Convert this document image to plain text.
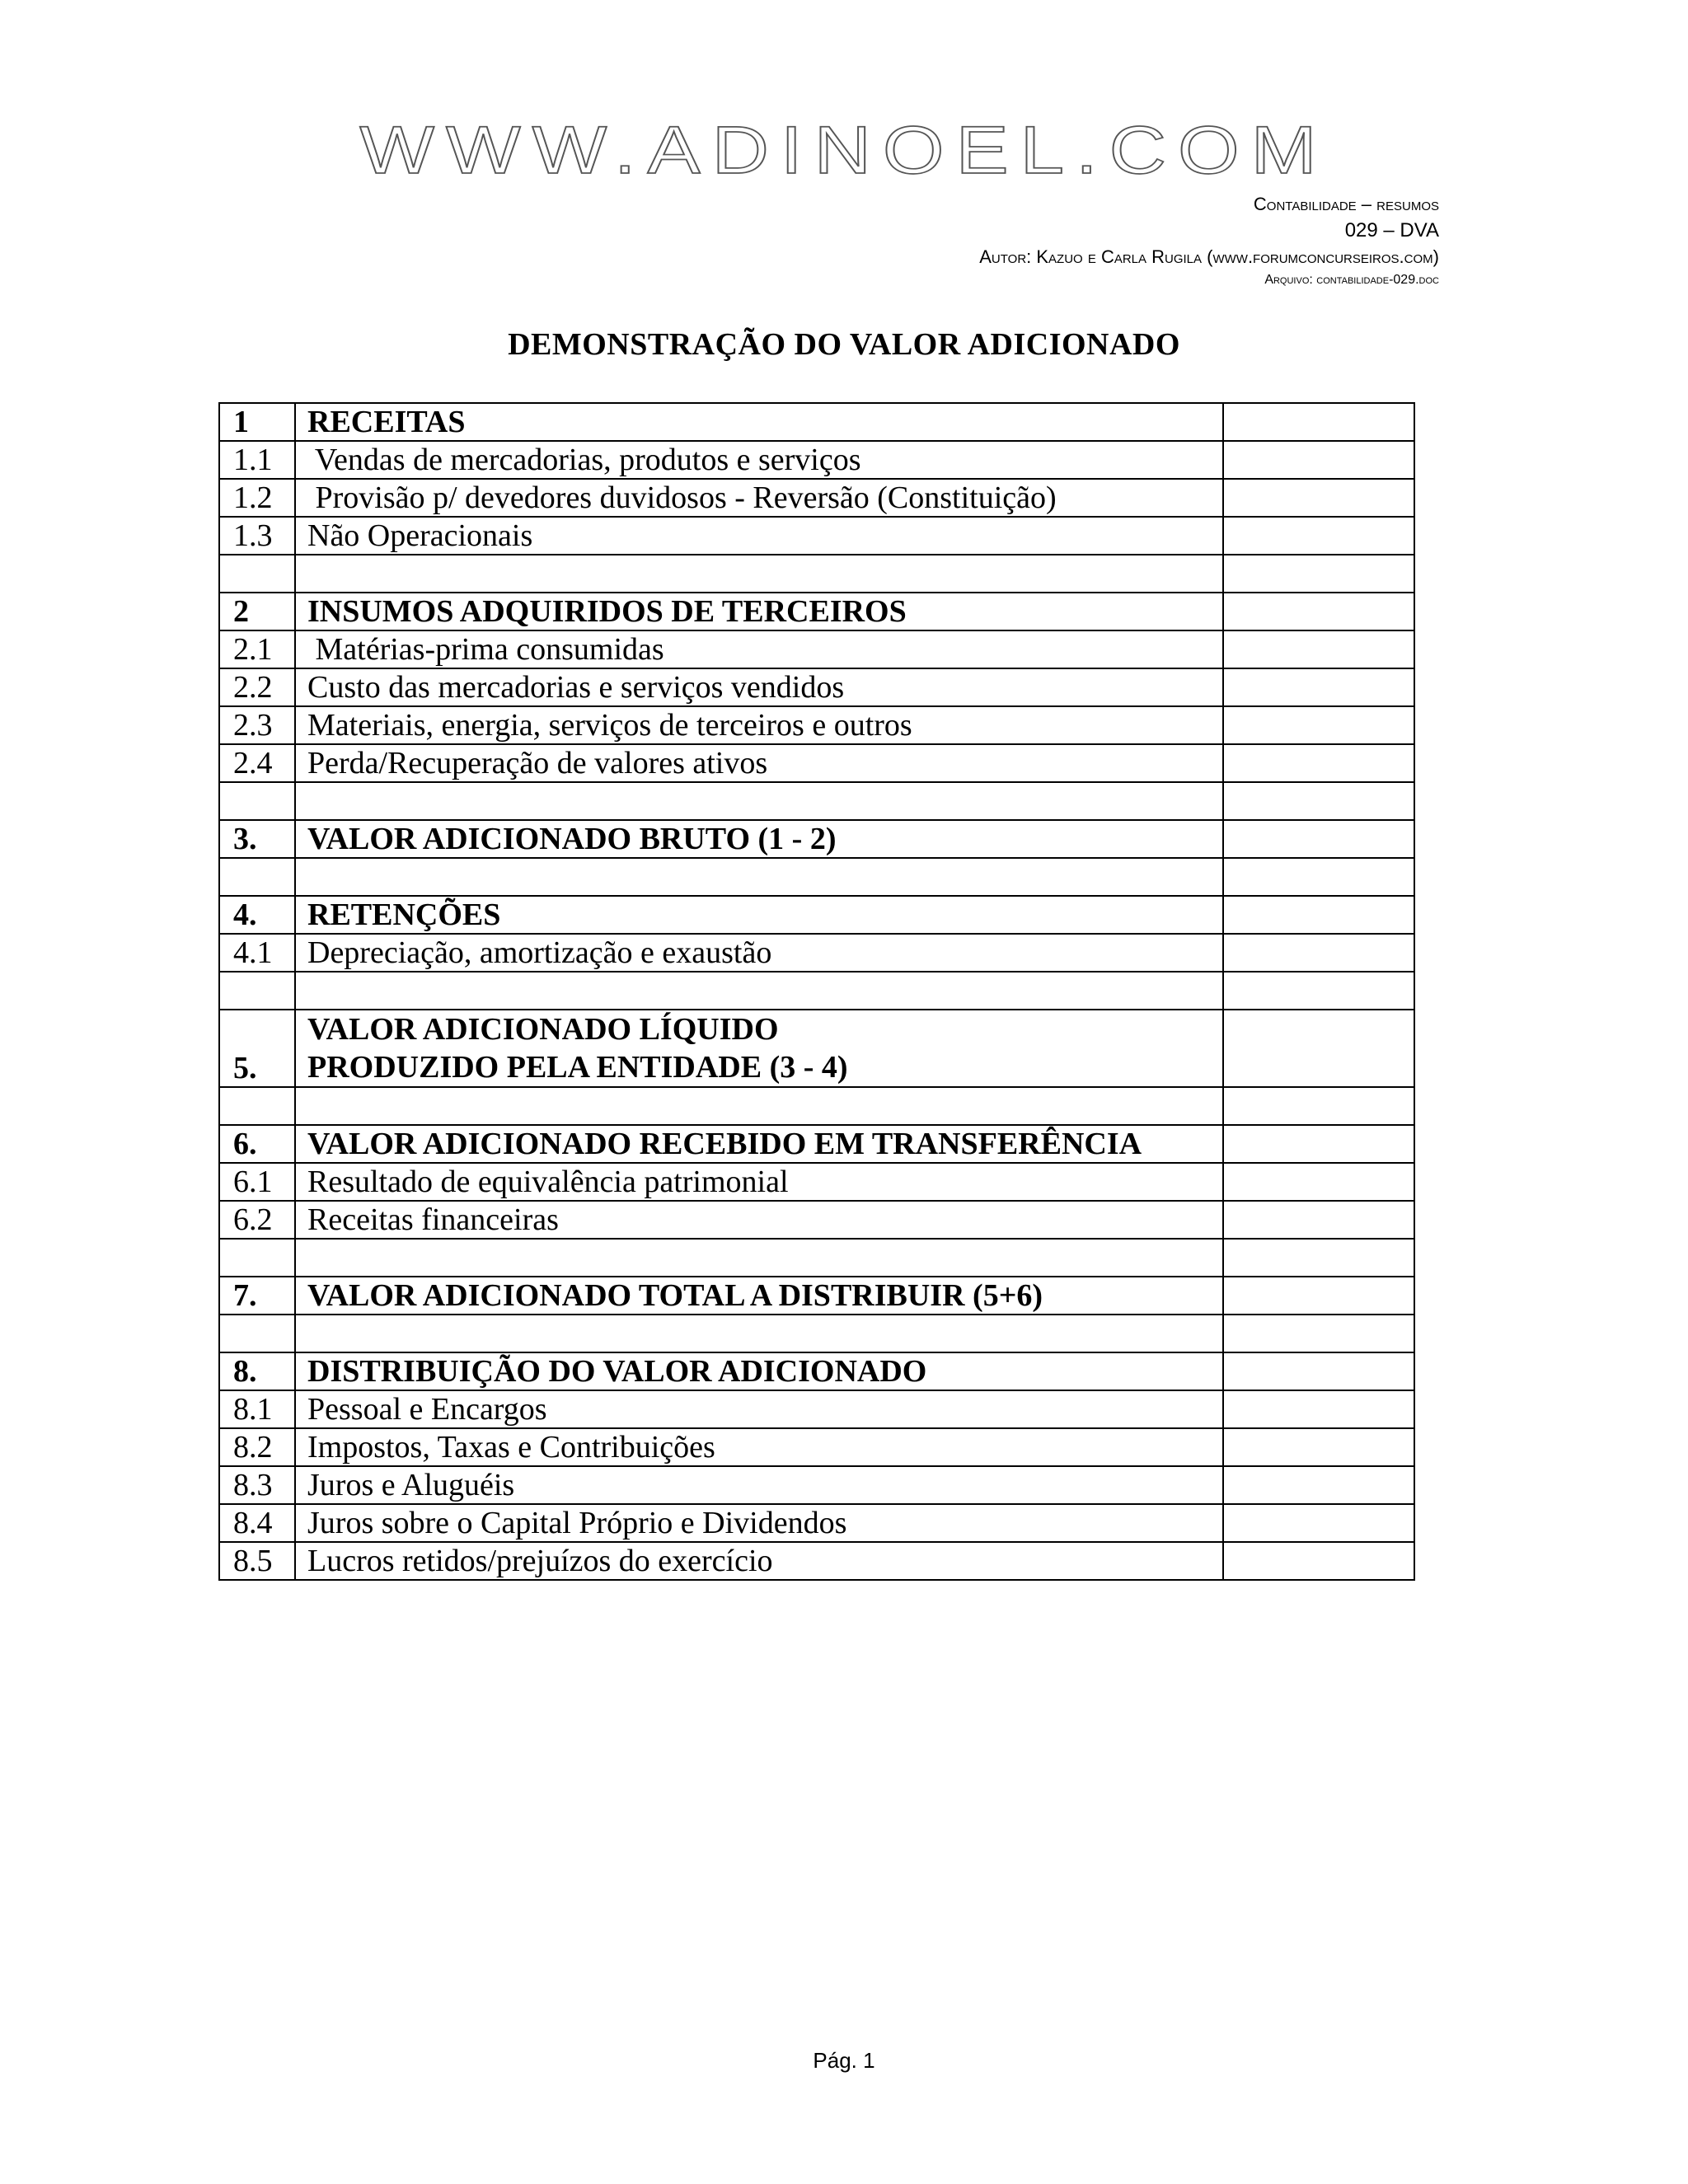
WWW.ADINOEL.COM
Contabilidade – resumos
029 – DVA
Autor: Kazuo e Carla Rugila (www.forumconcurseiros.com)
Arquivo: contabilidade-029.doc
DEMONSTRAÇÃO DO VALOR ADICIONADO
1	RECEITAS	
1.1	Vendas de mercadorias, produtos e serviços	
1.2	Provisão p/ devedores duvidosos - Reversão (Constituição)	
1.3	Não Operacionais	

2	INSUMOS ADQUIRIDOS DE TERCEIROS	
2.1	Matérias-prima consumidas	
2.2	Custo das mercadorias e serviços vendidos	
2.3	Materiais, energia, serviços de terceiros e outros	
2.4	Perda/Recuperação de valores ativos	

3.	VALOR ADICIONADO BRUTO (1 - 2)	

4.	RETENÇÕES	
4.1	Depreciação, amortização e exaustão	

5.	VALOR ADICIONADO LÍQUIDO PRODUZIDO PELA ENTIDADE (3 - 4)	

6.	VALOR ADICIONADO RECEBIDO EM TRANSFERÊNCIA	
6.1	Resultado de equivalência patrimonial	
6.2	Receitas financeiras	

7.	VALOR ADICIONADO TOTAL A DISTRIBUIR (5+6)	

8.	DISTRIBUIÇÃO DO VALOR ADICIONADO	
8.1	Pessoal e Encargos	
8.2	Impostos, Taxas e Contribuições	
8.3	Juros e Aluguéis	
8.4	Juros sobre o Capital Próprio e Dividendos	
8.5	Lucros retidos/prejuízos do exercício	
Pág. 1
